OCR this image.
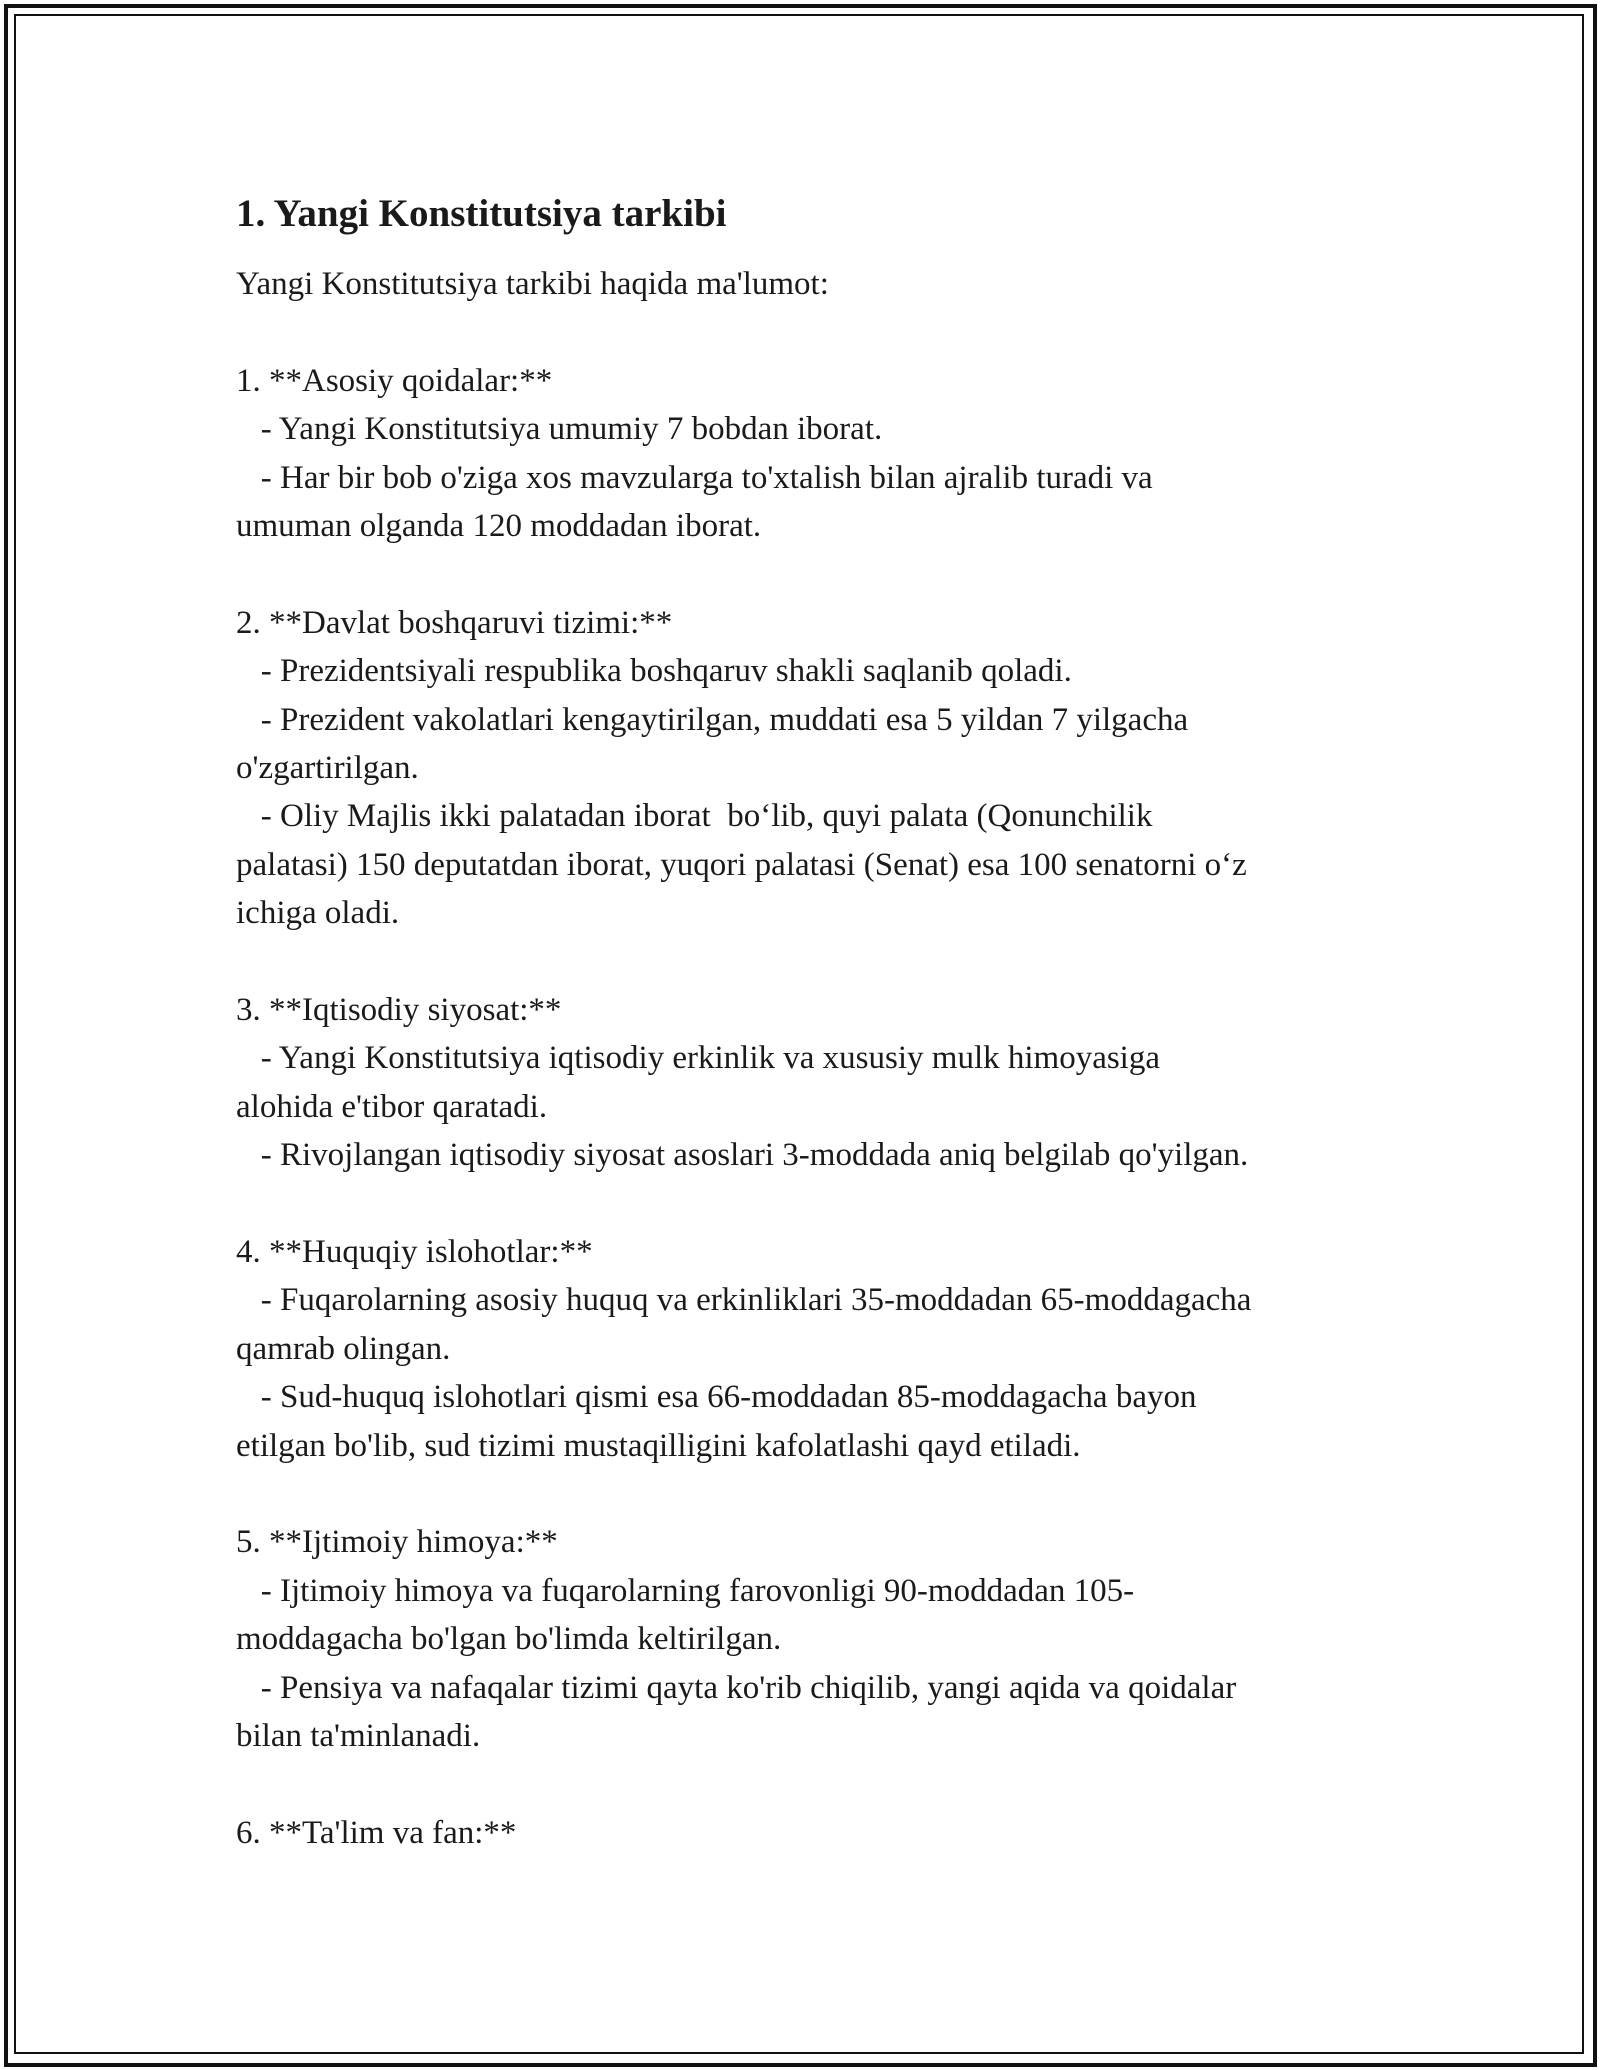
1. Yangi Konstitutsiya tarkibi
Yangi Konstitutsiya tarkibi haqida ma'lumot:
1. **Asosiy qoidalar:**
- Yangi Konstitutsiya umumiy 7 bobdan iborat.
- Har bir bob o'ziga xos mavzularga to'xtalish bilan ajralib turadi va
umuman olganda 120 moddadan iborat.
2. **Davlat boshqaruvi tizimi:**
- Prezidentsiyali respublika boshqaruv shakli saqlanib qoladi.
- Prezident vakolatlari kengaytirilgan, muddati esa 5 yildan 7 yilgacha
o'zgartirilgan.
- Oliy Majlis ikki palatadan iborat  bo‘lib, quyi palata (Qonunchilik
palatasi) 150 deputatdan iborat, yuqori palatasi (Senat) esa 100 senatorni o‘z
ichiga oladi.
3. **Iqtisodiy siyosat:**
- Yangi Konstitutsiya iqtisodiy erkinlik va xususiy mulk himoyasiga
alohida e'tibor qaratadi.
- Rivojlangan iqtisodiy siyosat asoslari 3-moddada aniq belgilab qo'yilgan.
4. **Huquqiy islohotlar:**
- Fuqarolarning asosiy huquq va erkinliklari 35-moddadan 65-moddagacha
qamrab olingan.
- Sud-huquq islohotlari qismi esa 66-moddadan 85-moddagacha bayon
etilgan bo'lib, sud tizimi mustaqilligini kafolatlashi qayd etiladi.
5. **Ijtimoiy himoya:**
- Ijtimoiy himoya va fuqarolarning farovonligi 90-moddadan 105-
moddagacha bo'lgan bo'limda keltirilgan.
- Pensiya va nafaqalar tizimi qayta ko'rib chiqilib, yangi aqida va qoidalar
bilan ta'minlanadi.
6. **Ta'lim va fan:**
